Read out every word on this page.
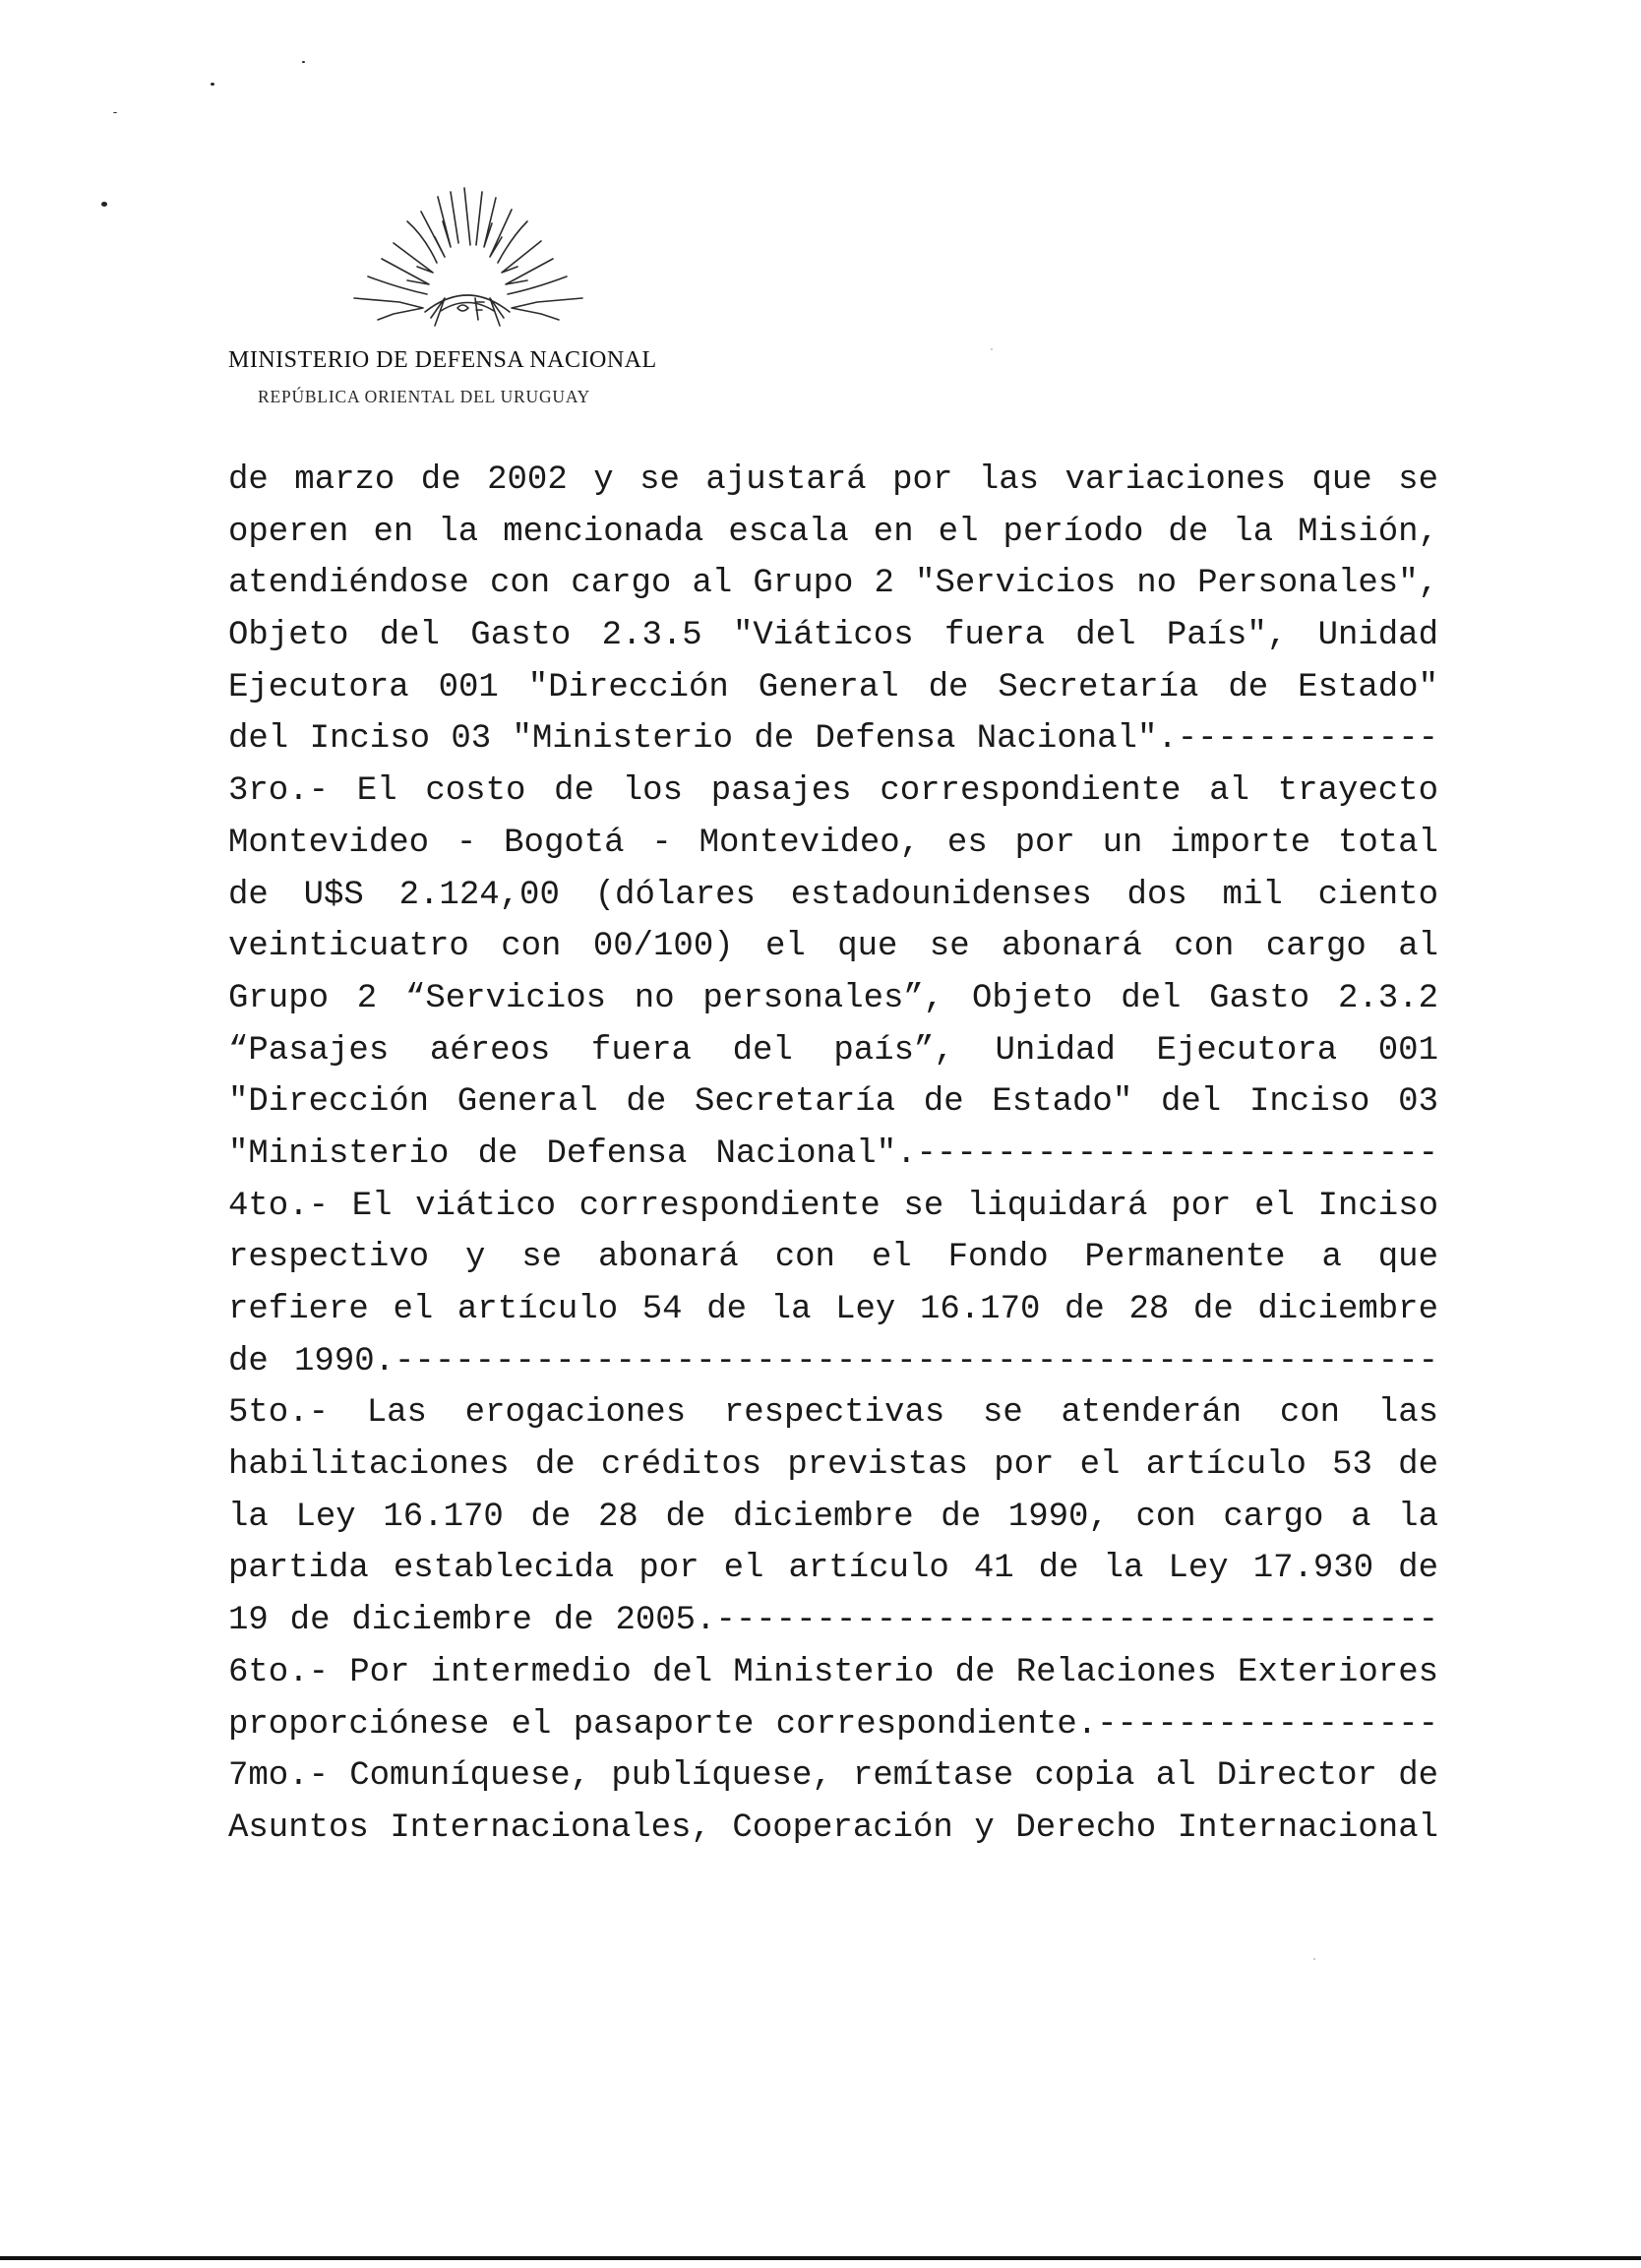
MINISTERIO DE DEFENSA NACIONAL
REPÚBLICA ORIENTAL DEL URUGUAY
de marzo de 2002 y se ajustará por las variaciones que se
operen en la mencionada escala en el período de la Misión,
atendiéndose con cargo al Grupo 2 "Servicios no Personales",
Objeto del Gasto 2.3.5 "Viáticos fuera del País", Unidad
Ejecutora 001 "Dirección General de Secretaría de Estado"
del Inciso 03 "Ministerio de Defensa Nacional".-------------
3ro.- El costo de los pasajes correspondiente al trayecto
Montevideo - Bogotá - Montevideo, es por un importe total
de U$S 2.124,00 (dólares estadounidenses dos mil ciento
veinticuatro con 00/100) el que se abonará con cargo al
Grupo 2 “Servicios no personales”, Objeto del Gasto 2.3.2
“Pasajes aéreos fuera del país”, Unidad Ejecutora 001
"Dirección General de Secretaría de Estado" del Inciso 03
"Ministerio de Defensa Nacional".--------------------------
4to.- El viático correspondiente se liquidará por el Inciso
respectivo y se abonará con el Fondo Permanente a que
refiere el artículo 54 de la Ley 16.170 de 28 de diciembre
de 1990.----------------------------------------------------
5to.- Las erogaciones respectivas se atenderán con las
habilitaciones de créditos previstas por el artículo 53 de
la Ley 16.170 de 28 de diciembre de 1990, con cargo a la
partida establecida por el artículo 41 de la Ley 17.930 de
19 de diciembre de 2005.------------------------------------
6to.- Por intermedio del Ministerio de Relaciones Exteriores
proporciónese el pasaporte correspondiente.-----------------
7mo.- Comuníquese, publíquese, remítase copia al Director de
Asuntos Internacionales, Cooperación y Derecho Internacional
